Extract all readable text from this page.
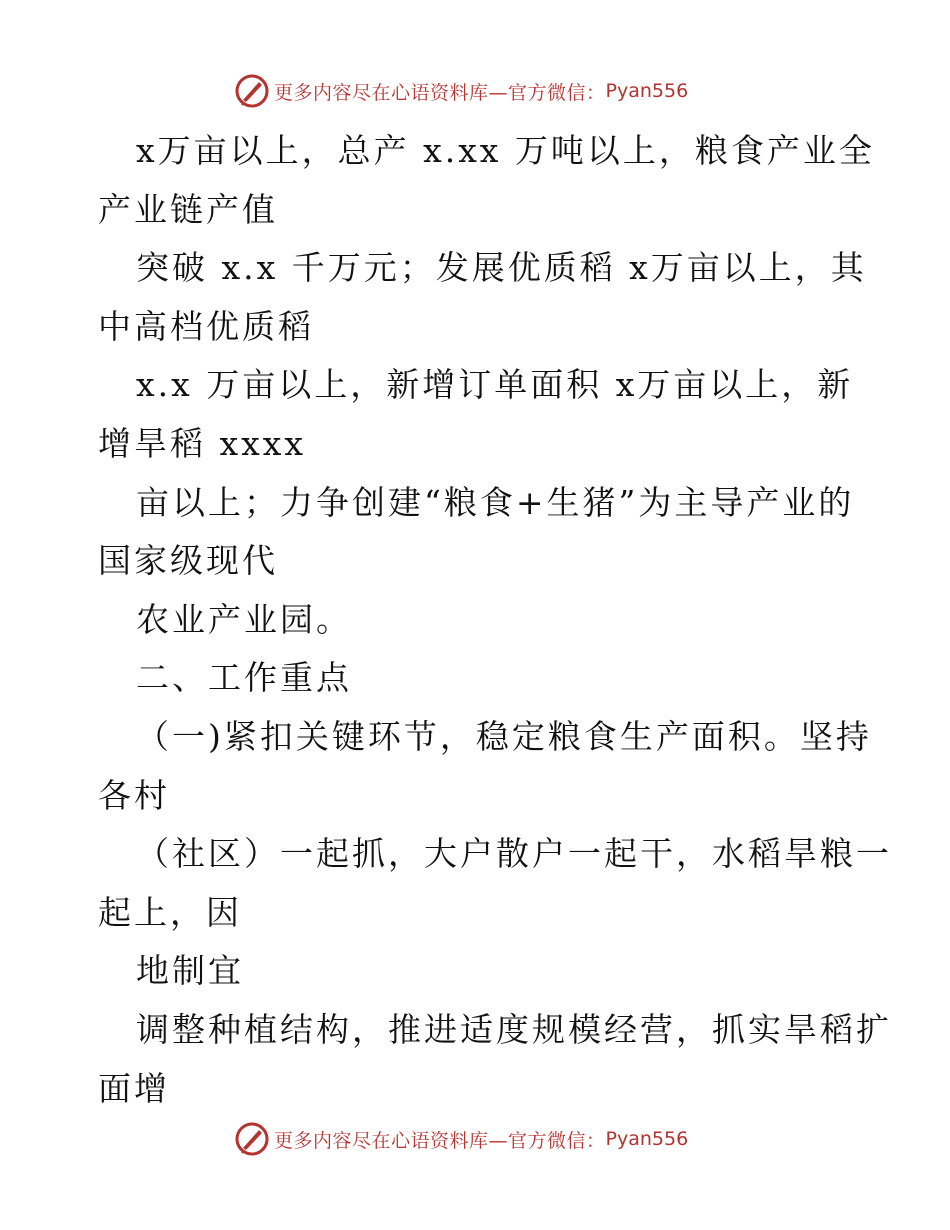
更多内容尽在心语资料库—官方微信： Pyan556
x万亩以上，总产 x.xx 万吨以上，粮食产业全
产业链产值
突破 x.x 千万元；发展优质稻 x万亩以上，其
中高档优质稻
x.x 万亩以上，新增订单面积 x万亩以上，新
增旱稻 xxxx
亩以上；力争创建“粮食+生猪”为主导产业的
国家级现代
农业产业园。
二、工作重点
（一)紧扣关键环节，稳定粮食生产面积。坚持
各村
（社区）一起抓，大户散户一起干，水稻旱粮一
起上，因
地制宜
调整种植结构，推进适度规模经营，抓实旱稻扩
面增
更多内容尽在心语资料库—官方微信： Pyan556
